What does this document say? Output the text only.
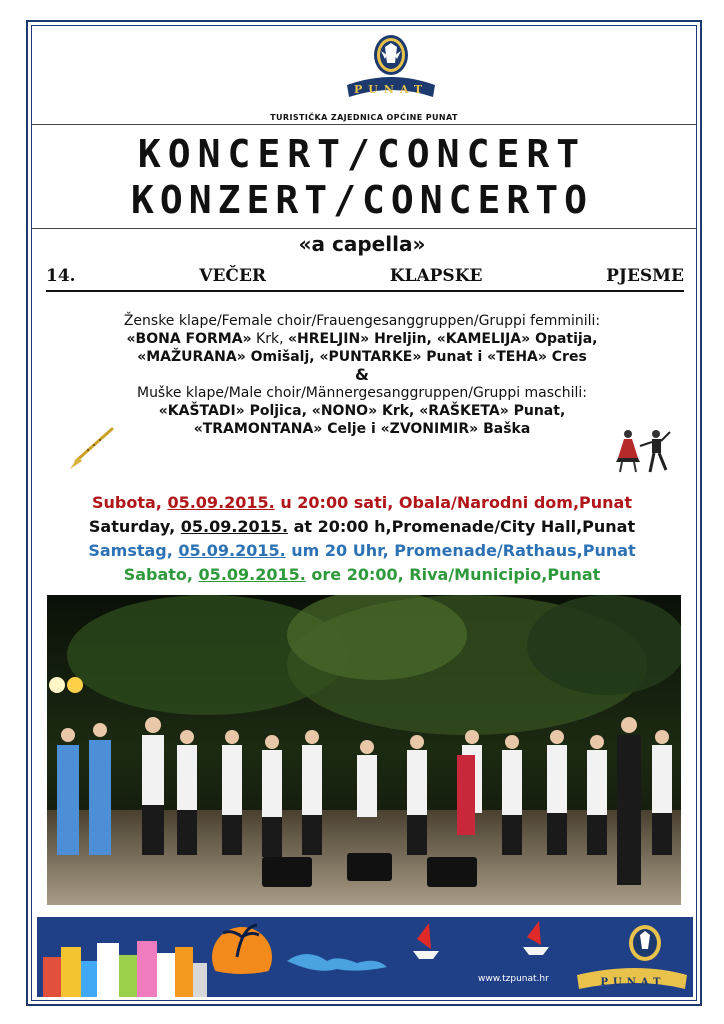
PUNAT
TURISTIČKA ZAJEDNICA OPĆINE PUNAT
KONCERT/CONCERT
KONZERT/CONCERTO
«a capella»
14.	VEČER	KLAPSKE	PJESME
Ženske klape/Female choir/Frauengesanggruppen/Gruppi femminili:
«BONA FORMA» Krk, «HRELJIN» Hreljin, «KAMELIJA» Opatija,
«MAŽURANA» Omišalj, «PUNTARKE» Punat i «TEHA» Cres
&
Muške klape/Male choir/Männergesanggruppen/Gruppi maschili:
«KAŠTADI» Poljica, «NONO» Krk, «RAŠKETA» Punat,
«TRAMONTANA» Celje i «ZVONIMIR» Baška
Subota, 05.09.2015. u 20:00 sati, Obala/Narodni dom,Punat
Saturday, 05.09.2015. at 20:00 h,Promenade/City Hall,Punat
Samstag, 05.09.2015. um 20 Uhr, Promenade/Rathaus,Punat
Sabato, 05.09.2015. ore 20:00, Riva/Municipio,Punat
PUNAT
www.tzpunat.hr
